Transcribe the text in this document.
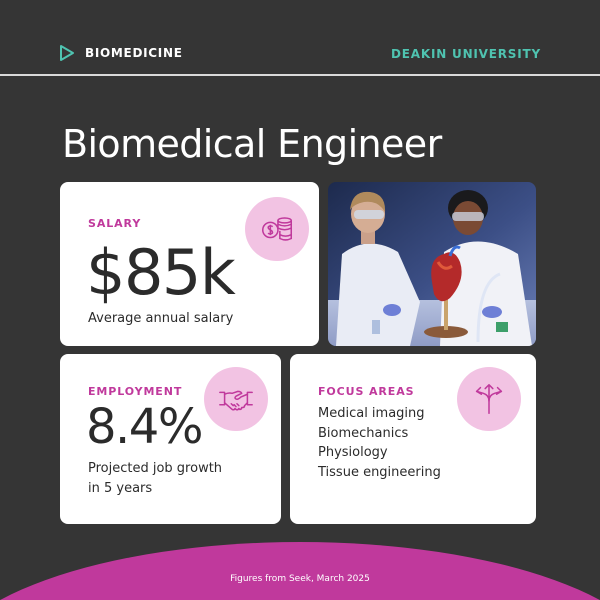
BIOMEDICINE	DEAKIN UNIVERSITY
Biomedical Engineer
SALARY
$85k
Average annual salary
EMPLOYMENT
8.4%
Projected job growth
in 5 years
FOCUS AREAS
Medical imaging
Biomechanics
Physiology
Tissue engineering
Figures from Seek, March 2025
